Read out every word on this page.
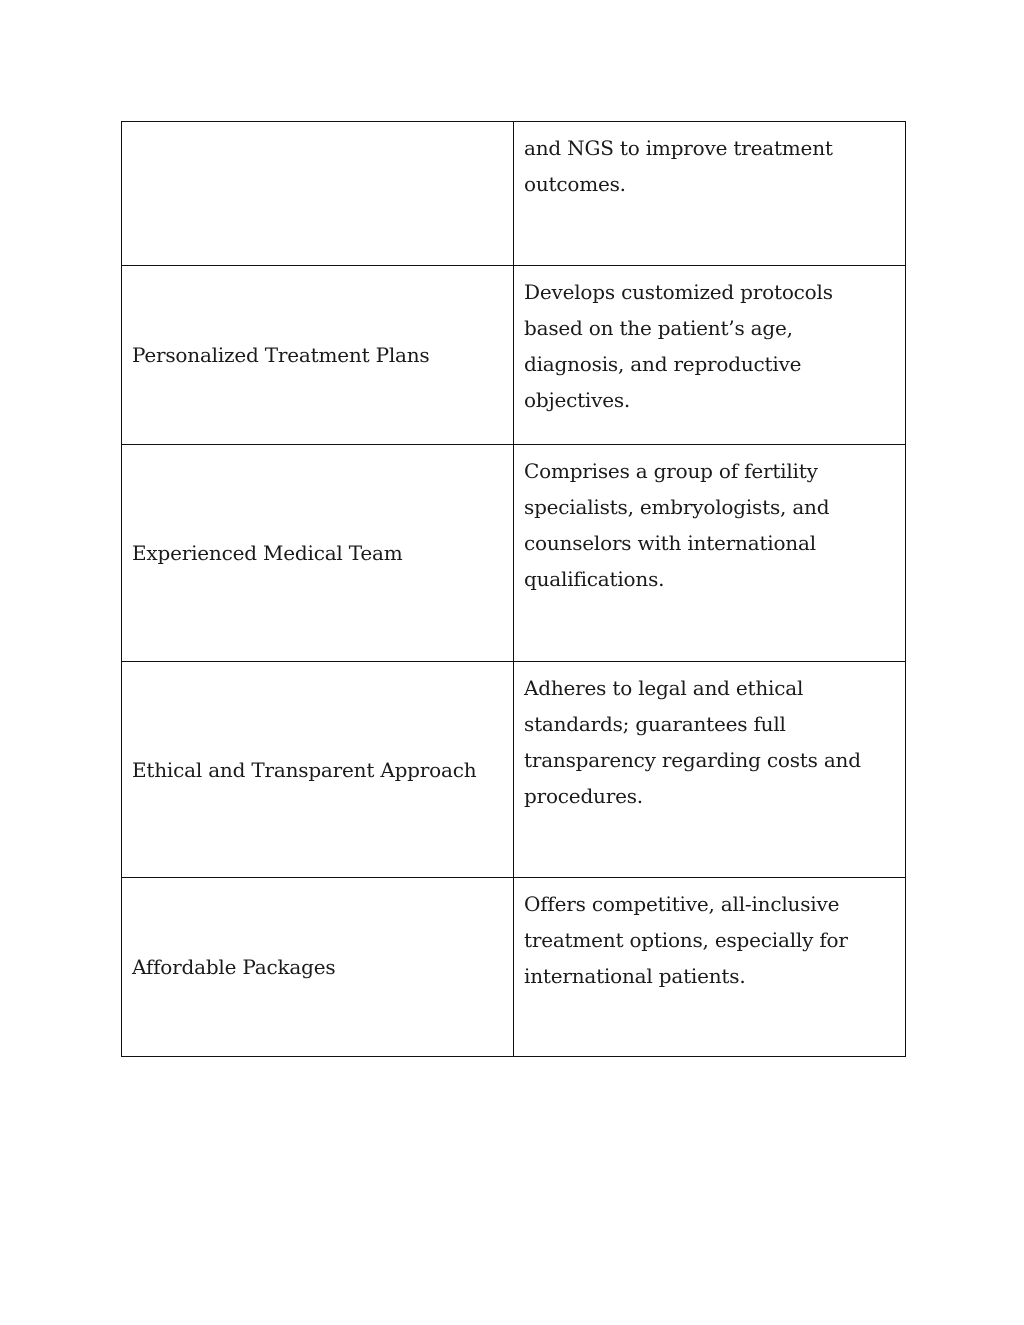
	and NGS to improve treatment outcomes.
Personalized Treatment Plans	Develops customized protocols based on the patient’s age, diagnosis, and reproductive objectives.
Experienced Medical Team	Comprises a group of fertility specialists, embryologists, and counselors with international qualifications.
Ethical and Transparent Approach	Adheres to legal and ethical standards; guarantees full transparency regarding costs and procedures.
Affordable Packages	Offers competitive, all-inclusive treatment options, especially for international patients.
